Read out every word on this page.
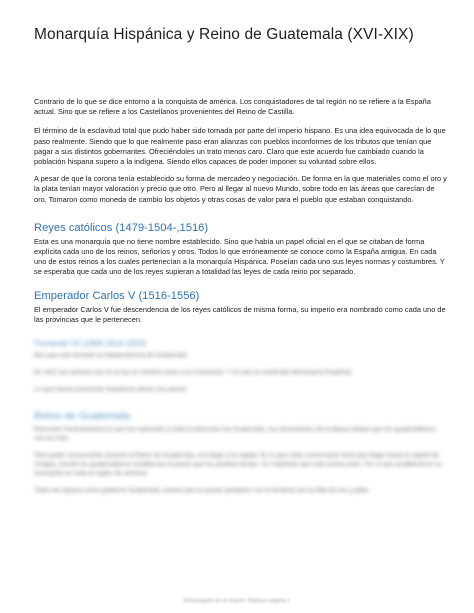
Monarquía Hispánica y Reino de Guatemala (XVI-XIX)

Contrario de lo que se dice entorno a la conquista de américa. Los conquistadores de tal región no se refiere a la España actual. Sino que se refiere a los Castellanos provenientes del Reino de Castilla.

El término de la esclavitud total que pudo haber sido tomada por parte del imperio hispano. Es una idea equivocada de lo que paso realmente. Siendo que lo que realmente paso eran alianzas con pueblos inconformes de los tributos que tenían que pagar a sus distintos gobernantes. Ofreciéndoles un trato menos caro. Claro que este acuerdo fue cambiado cuando la población hispana supero a la indígena. Siendo ellos capaces de poder imponer su voluntad sobre ellos.

A pesar de que la corona tenía establecido su forma de mercadeo y negociación. De forma en la que materiales como el oro y la plata tenían mayor valoración y precio que otro. Pero al llegar al nuevo Mundo, sobre todo en las áreas que carecían de oro. Tomaron como moneda de cambio los objetos y otras cosas de valor para el pueblo que estaban conquistando.

Reyes católicos (1479-1504-,1516)

Esta es una monarquía que no tiene nombre establecido. Sino que había un papel oficial en el que se citaban de forma explícita cada uno de los reinos, señoríos y otros. Todos lo que erróneamente se conoce como la España antigua. En cada uno de estos reinos a los cuales pertenecían a la monarquía Hispánica. Poseían cada uno sus leyes normas y costumbres. Y se esperaba que cada uno de los reyes supieran a totalidad las leyes de cada reino por separado.

Emperador Carlos V (1516-1556)

El emperador Carlos V fue descendencia de los reyes católicos de misma forma, su imperio era nombrado como cada uno de las provincias que le pertenecen.

Fernando VII (1808,1814-1833)

Bas que este durante la independencia de Guatemala

En 1812 por primera vez en la ley un nombre único a la monarquía. Y el cual se nombrado Monarquía Española.

Lo que fueron provincias hispánicas ahora son países

Reino de Guatemala

Para todo Centroamérica lo que fue explorado a toda la extensión fue Guatemala, sus documentos de la época relatan que los guatemaltecos son los más.

Para poder conservarlas durante el Reino de Guatemala, era llegar a la capital. En lo que cada conservante tenía que llegar hasta la capital de Antigua. Donde los guatemaltecos establecían el precio que los pueblos tenían. Así impedían que este tuviera éxito. Por lo que establecieron un monopolio en toda la región de américa.

Todos de riqueza como gobierno Guatemala, puesto que no posee quedaron con el territorio por la falta de oro y plata.

Descargado en el enlace: Studocu pagina 1
